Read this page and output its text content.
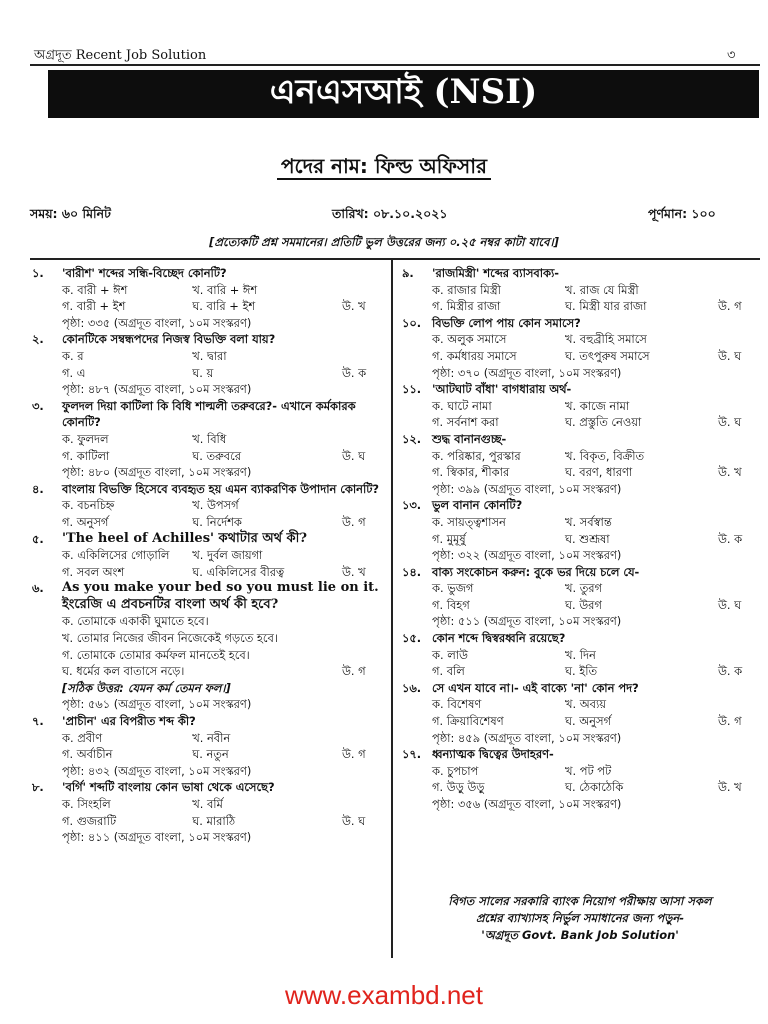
অগ্রদূত Recent Job Solution	৩
এনএসআই (NSI)
পদের নাম: ফিল্ড অফিসার
সময়: ৬০ মিনিট	তারিখ: ০৮.১০.২০২১	পূর্ণমান: ১০০
[প্রত্যেকটি প্রশ্ন সমমানের। প্রতিটি ভুল উত্তরের জন্য ০.২৫ নম্বর কাটা যাবে।]
১.	'বারীশ' শব্দের সন্ধি-বিচ্ছেদ কোনটি?
ক. বারী + ঈশ	খ. বারি + ঈশ
গ. বারী + ইশ	ঘ. বারি + ইশ	উ. খ
পৃষ্ঠা: ৩৩৫ (অগ্রদূত বাংলা, ১০ম সংস্করণ)
২.	কোনটিকে সম্বন্ধপদের নিজস্ব বিভক্তি বলা যায়?
ক. র	খ. দ্বারা
গ. এ	ঘ. য়	উ. ক
পৃষ্ঠা: ৪৮৭ (অগ্রদূত বাংলা, ১০ম সংস্করণ)
৩.	ফুলদল দিয়া কাটিলা কি বিধি শাল্মলী তরুবরে?- এখানে কর্মকারক কোনটি?
ক. ফুলদল	খ. বিধি
গ. কাটিলা	ঘ. তরুবরে	উ. ঘ
পৃষ্ঠা: ৪৮০ (অগ্রদূত বাংলা, ১০ম সংস্করণ)
৪.	বাংলায় বিভক্তি হিসেবে ব্যবহৃত হয় এমন ব্যাকরণিক উপাদান কোনটি?
ক. বচনচিহ্ন	খ. উপসর্গ
গ. অনুসর্গ	ঘ. নির্দেশক	উ. গ
৫.	'The heel of Achilles' কথাটার অর্থ কী?
ক. একিলিসের গোড়ালি	খ. দুর্বল জায়গা
গ. সবল অংশ	ঘ. একিলিসের বীরত্ব	উ. খ
৬.	As you make your bed so you must lie on it. ইংরেজি এ প্রবচনটির বাংলা অর্থ কী হবে?
ক. তোমাকে একাকী ঘুমাতে হবে।
খ. তোমার নিজের জীবন নিজেকেই গড়তে হবে।
গ. তোমাকে তোমার কর্মফল মানতেই হবে।
ঘ. ধর্মের কল বাতাসে নড়ে।	উ. গ
[সঠিক উত্তর: যেমন কর্ম তেমন ফল।]
পৃষ্ঠা: ৫৬১ (অগ্রদূত বাংলা, ১০ম সংস্করণ)
৭.	'প্রাচীন' এর বিপরীত শব্দ কী?
ক. প্রবীণ	খ. নবীন
গ. অর্বাচীন	ঘ. নতুন	উ. গ
পৃষ্ঠা: ৪৩২ (অগ্রদূত বাংলা, ১০ম সংস্করণ)
৮.	'বর্গি' শব্দটি বাংলায় কোন ভাষা থেকে এসেছে?
ক. সিংহলি	খ. বর্মি
গ. গুজরাটি	ঘ. মারাঠি	উ. ঘ
পৃষ্ঠা: ৪১১ (অগ্রদূত বাংলা, ১০ম সংস্করণ)
৯.	'রাজমিস্ত্রী' শব্দের ব্যাসবাক্য-
ক. রাজার মিস্ত্রী	খ. রাজ যে মিস্ত্রী
গ. মিস্ত্রীর রাজা	ঘ. মিস্ত্রী যার রাজা	উ. গ
১০. বিভক্তি লোপ পায় কোন সমাসে?
ক. অলুক সমাসে	খ. বহুব্রীহি সমাসে
গ. কর্মধারয় সমাসে	ঘ. তৎপুরুষ সমাসে	উ. ঘ
পৃষ্ঠা: ৩৭০ (অগ্রদূত বাংলা, ১০ম সংস্করণ)
১১. 'আটঘাট বাঁধা' বাগধারায় অর্থ-
ক. ঘাটে নামা	খ. কাজে নামা
গ. সর্বনাশ করা	ঘ. প্রস্তুতি নেওয়া	উ. ঘ
১২. শুদ্ধ বানানগুচ্ছ-
ক. পরিষ্কার, পুরস্কার	খ. বিকৃত, বিক্রীত
গ. স্বিকার, শীকার	ঘ. বরণ, ধারণা	উ. খ
পৃষ্ঠা: ৩৯৯ (অগ্রদূত বাংলা, ১০ম সংস্করণ)
১৩. ভুল বানান কোনটি?
ক. সায়ত্ত্বশাসন	খ. সর্বস্বান্ত
গ. মুমূর্ষু	ঘ. শুশ্রূষা	উ. ক
পৃষ্ঠা: ৩২২ (অগ্রদূত বাংলা, ১০ম সংস্করণ)
১৪. বাক্য সংকোচন করুন: বুকে ভর দিয়ে চলে যে-
ক. ভুজগ	খ. তুরগ
গ. বিহগ	ঘ. উরগ	উ. ঘ
পৃষ্ঠা: ৫১১ (অগ্রদূত বাংলা, ১০ম সংস্করণ)
১৫. কোন শব্দে দ্বিস্বরধ্বনি রয়েছে?
ক. লাউ	খ. দিন
গ. বলি	ঘ. ইতি	উ. ক
১৬. সে এখন যাবে না।- এই বাক্যে 'না' কোন পদ?
ক. বিশেষণ	খ. অব্যয়
গ. ক্রিয়াবিশেষণ	ঘ. অনুসর্গ	উ. গ
পৃষ্ঠা: ৪৫৯ (অগ্রদূত বাংলা, ১০ম সংস্করণ)
১৭. ধ্বন্যাত্মক দ্বিত্বের উদাহরণ-
ক. চুপচাপ	খ. পট পট
গ. উড়ু উড়ু	ঘ. ঠেকাঠেকি	উ. খ
পৃষ্ঠা: ৩৫৬ (অগ্রদূত বাংলা, ১০ম সংস্করণ)
বিগত সালের সরকারি ব্যাংক নিয়োগ পরীক্ষায় আসা সকল
প্রশ্নের ব্যাখ্যাসহ নির্ভুল সমাধানের জন্য পড়ুন-
'অগ্রদূত Govt. Bank Job Solution'
www.exambd.net
